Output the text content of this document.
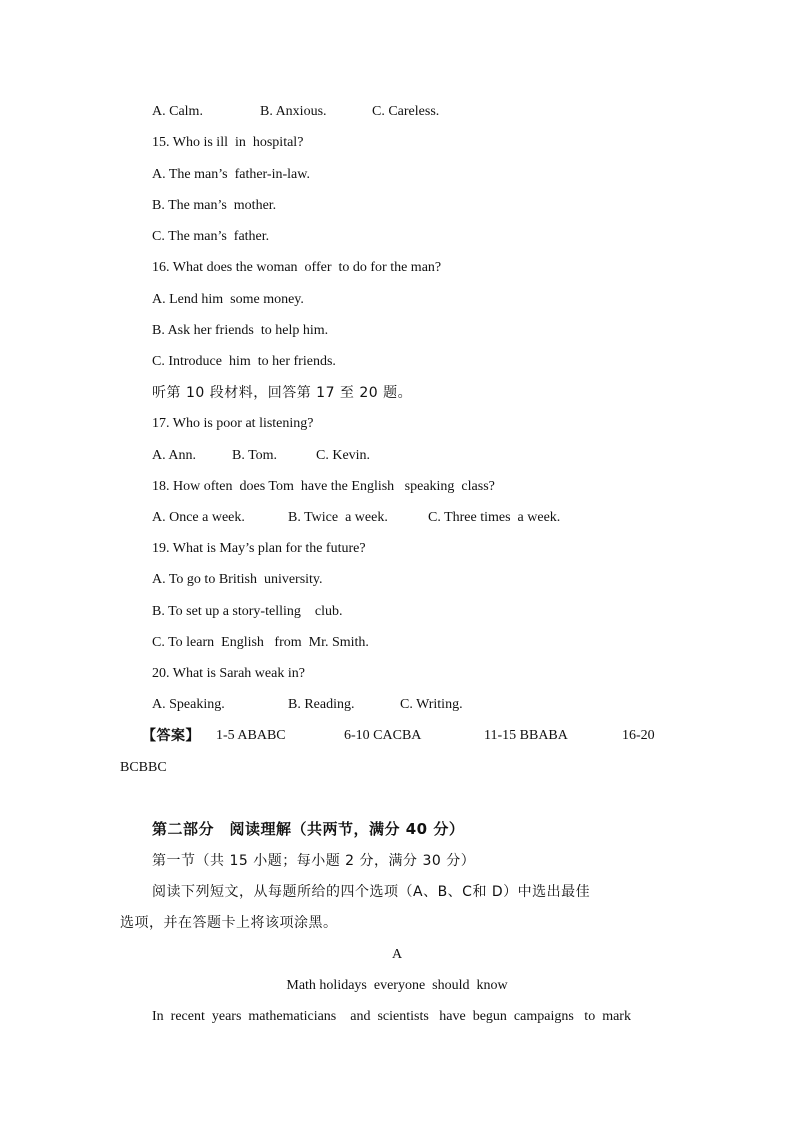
A. Calm.	B. Anxious.	C. Careless.
15. Who is ill  in  hospital?
A. The man’s  father-in-law.
B. The man’s  mother.
C. The man’s  father.
16. What does the woman  offer  to do for the man?
A. Lend him  some money.
B. Ask her friends  to help him.
C. Introduce  him  to her friends.
听第 10 段材料，回答第 17 至 20 题。
17. Who is poor at listening?
A. Ann.	B. Tom.	C. Kevin.
18. How often  does Tom  have the English   speaking  class?
A. Once a week.	B. Twice  a week.	C. Three times  a week.
19. What is May’s plan for the future?
A. To go to British  university.
B. To set up a story-telling    club.
C. To learn  English   from  Mr. Smith.
20. What is Sarah weak in?
A. Speaking.	B. Reading.	C. Writing.
【答案】 1-5 ABABC	6-10 CACBA	11-15 BBABA	16-20
BCBBC
第二部分　阅读理解（共两节，满分 40 分）
第一节（共 15 小题；每小题 2 分，满分 30 分）
阅读下列短文，从每题所给的四个选项（A、B、C和 D）中选出最佳
选项，并在答题卡上将该项涂黑。
A
Math holidays  everyone  should  know
In  recent  years  mathematicians    and  scientists   have  begun  campaigns   to  mark
